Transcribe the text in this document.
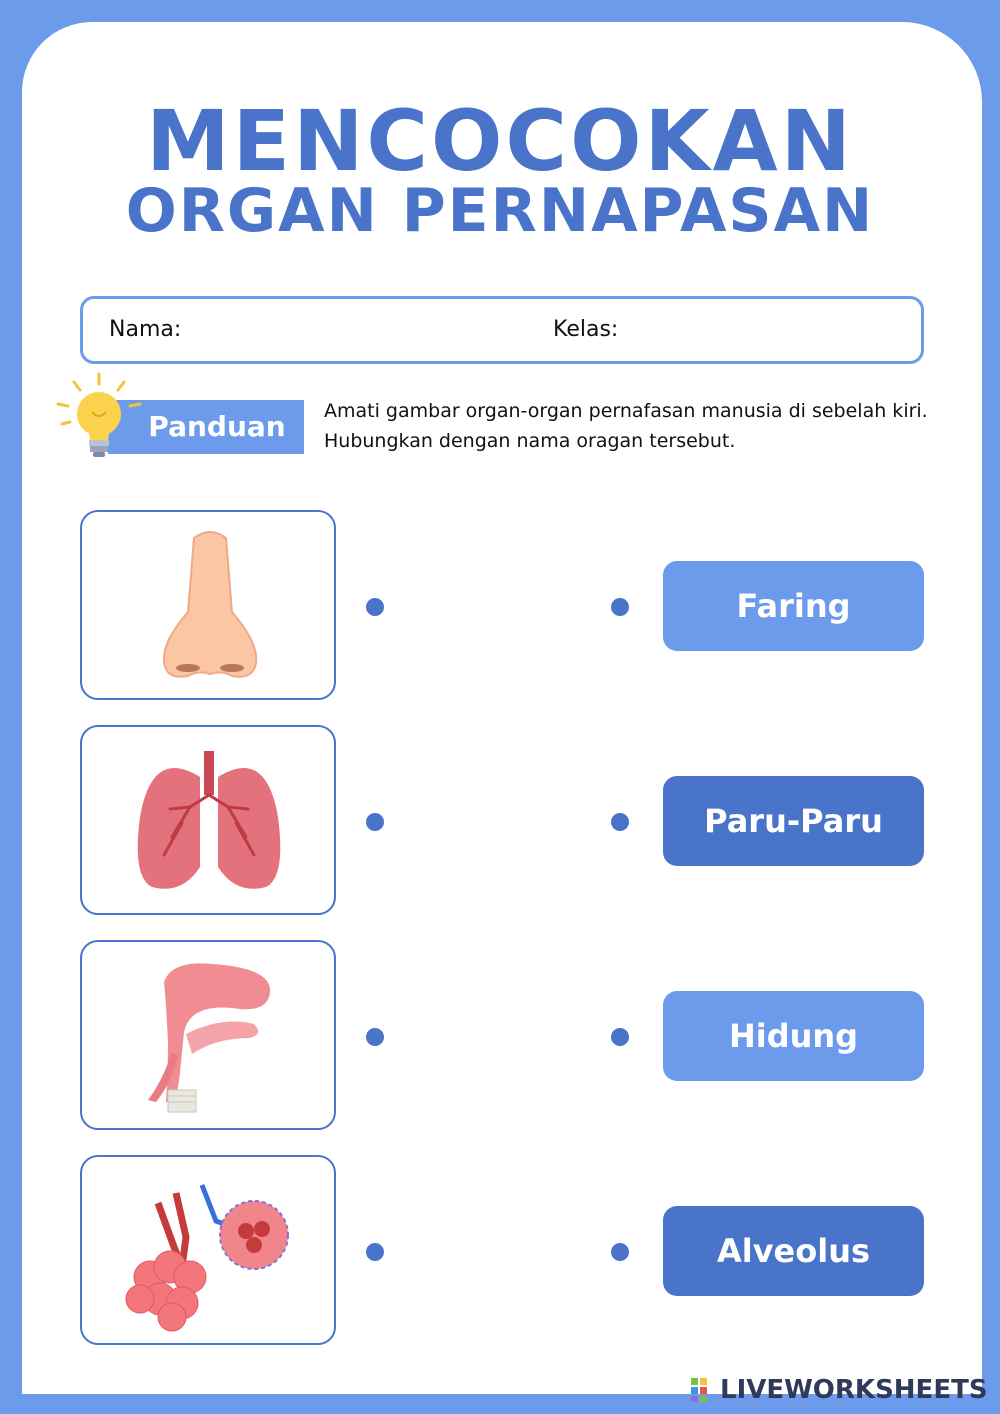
MENCOCOKAN
ORGAN PERNAPASAN
Nama:	Kelas:
Panduan	Amati gambar organ-organ pernafasan manusia di sebelah kiri. Hubungkan dengan nama oragan tersebut.
Faring
Paru-Paru
Hidung
Alveolus
LIVEWORKSHEETS
